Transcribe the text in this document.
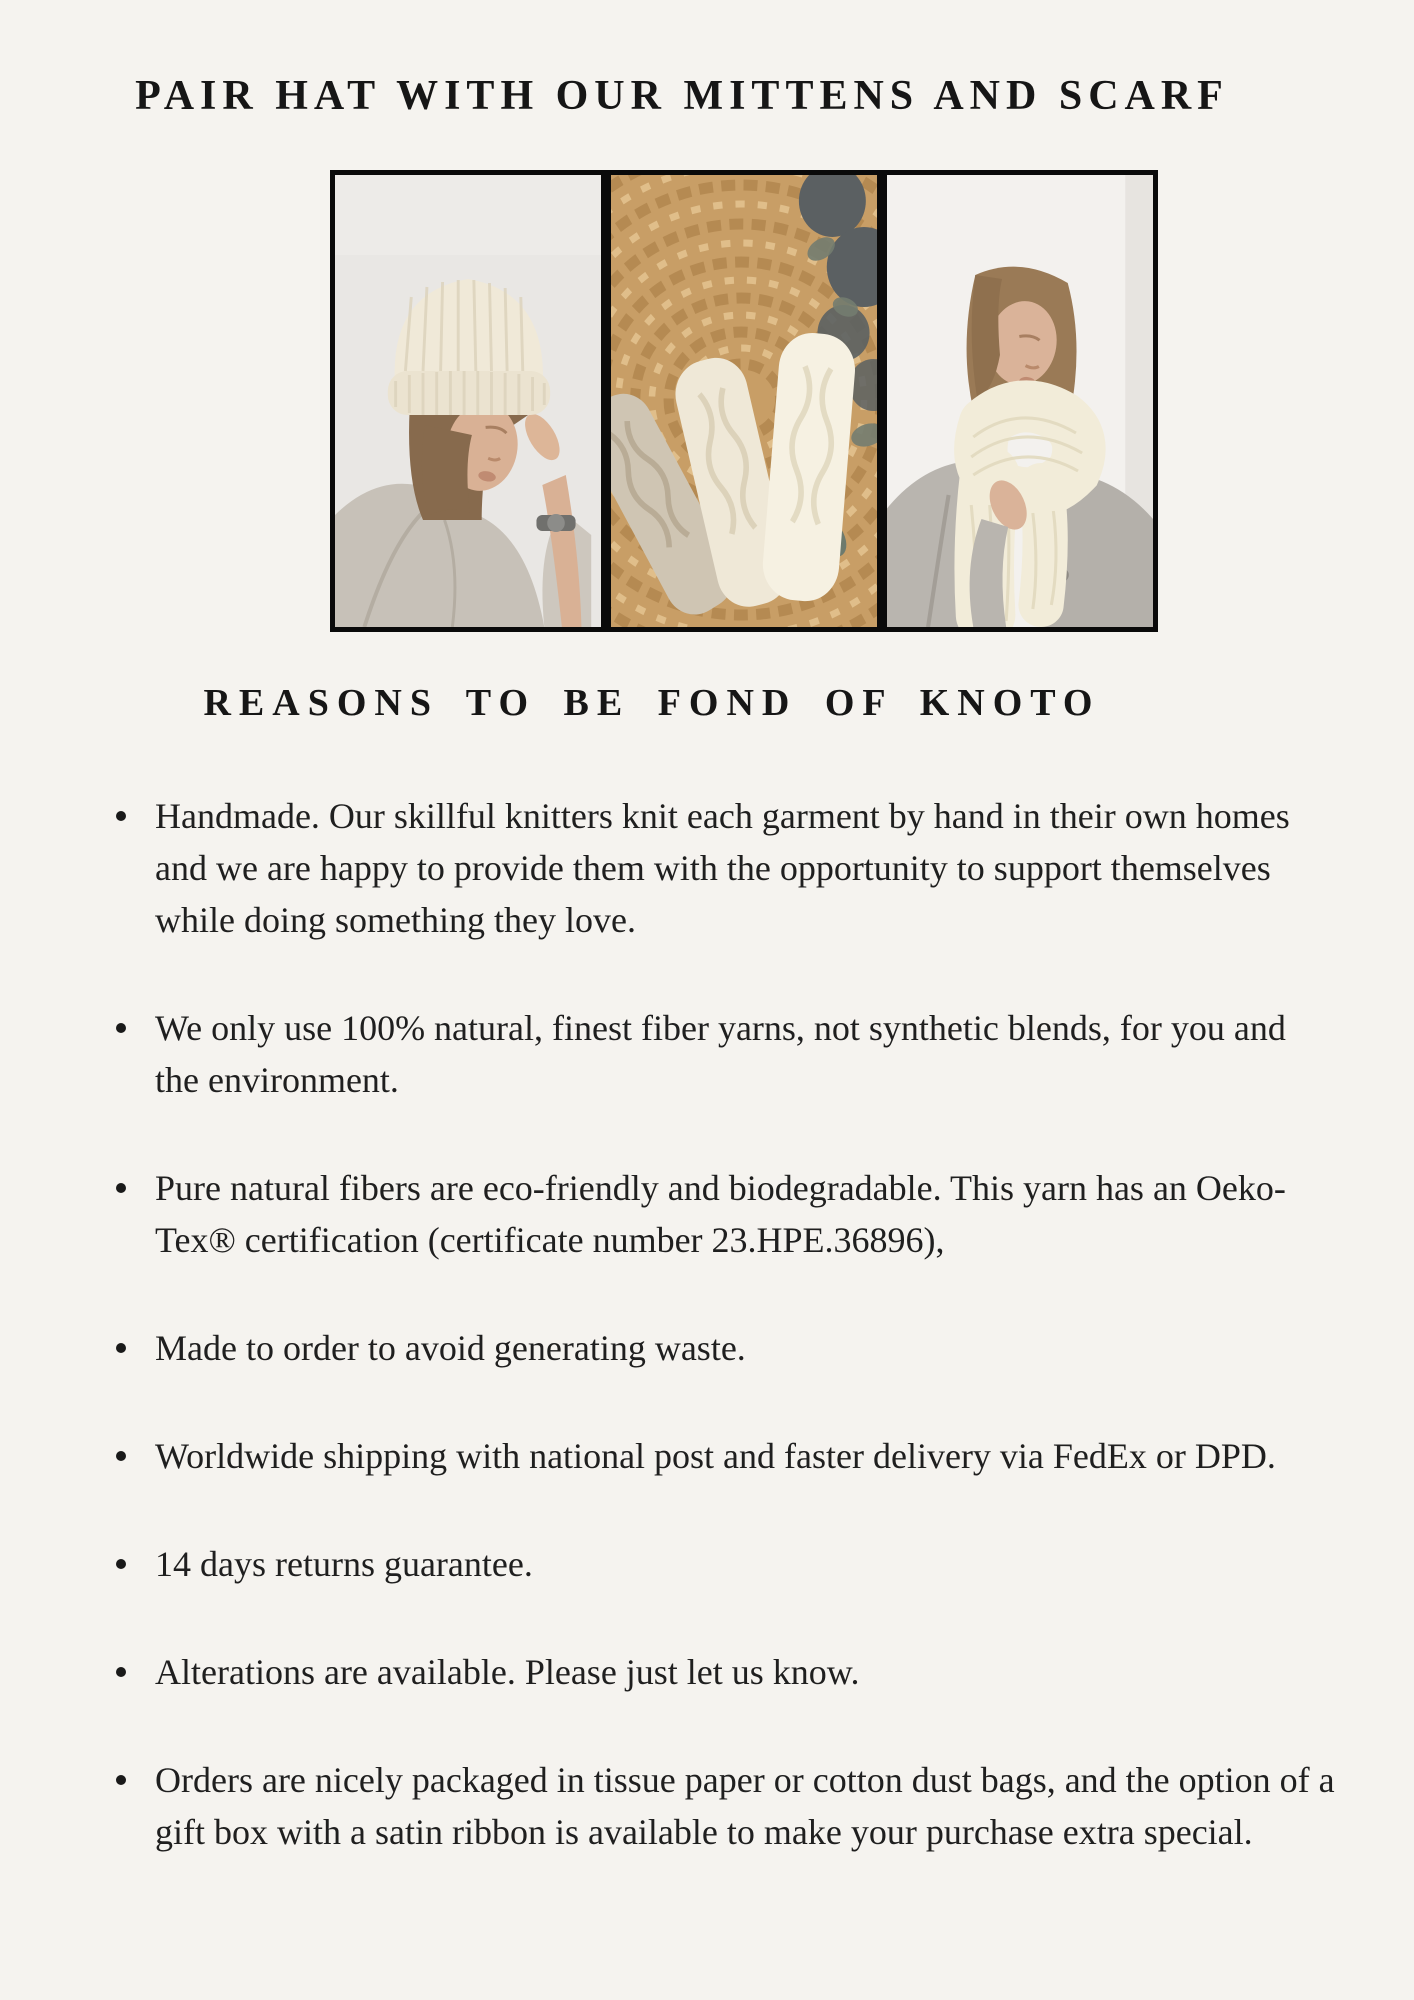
PAIR HAT WITH OUR MITTENS AND SCARF
REASONS TO BE FOND OF KNOTO
Handmade. Our skillful knitters knit each garment by hand in their own homes and we are happy to provide them with the opportunity to support themselves while doing something they love.
We only use 100% natural, finest fiber yarns, not synthetic blends, for you and the environment.
Pure natural fibers are eco-friendly and biodegradable. This yarn has an Oeko-Tex® certification (certificate number 23.HPE.36896),
Made to order to avoid generating waste.
Worldwide shipping with national post and faster delivery via FedEx or DPD.
14 days returns guarantee.
Alterations are available. Please just let us know.
Orders are nicely packaged in tissue paper or cotton dust bags, and the option of a gift box with a satin ribbon is available to make your purchase extra special.
